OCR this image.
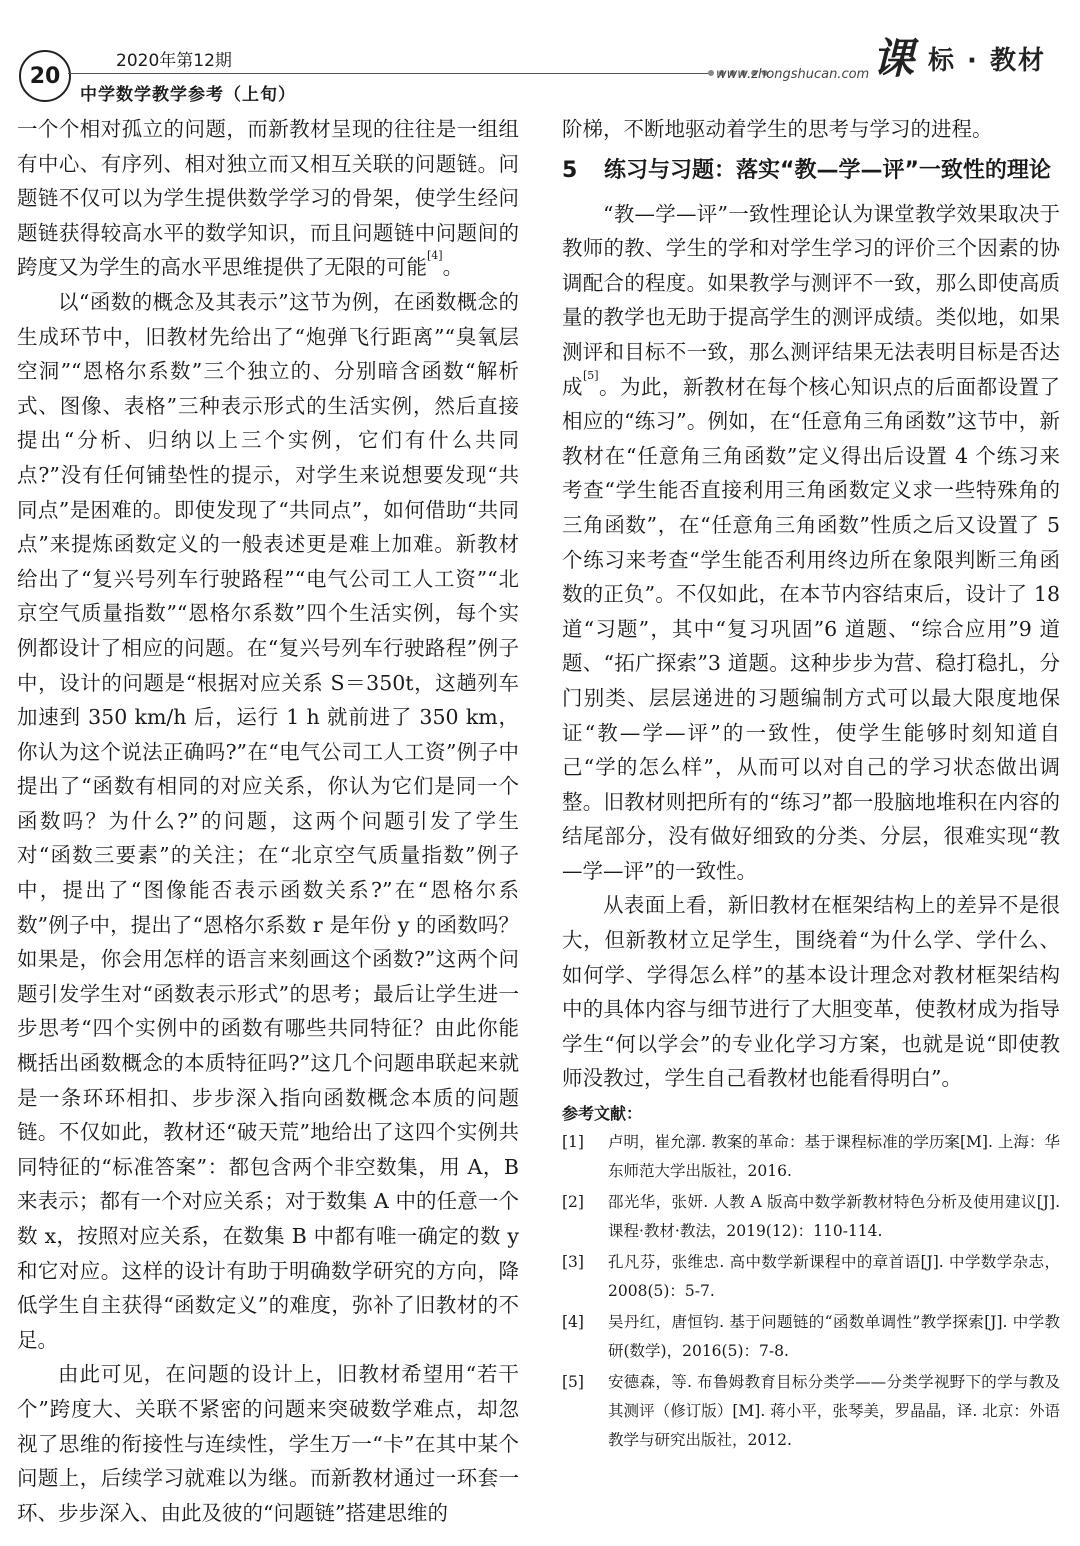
20
2020年第12期
中学数学教学参考（上旬）
www.zhongshucan.com 课 标 · 教材

一个个相对孤立的问题，而新教材呈现的往往是一组组有中心、有序列、相对独立而又相互关联的问题链。问题链不仅可以为学生提供数学学习的骨架，使学生经问题链获得较高水平的数学知识，而且问题链中问题间的跨度又为学生的高水平思维提供了无限的可能[4]。

以“函数的概念及其表示”这节为例，在函数概念的生成环节中，旧教材先给出了“炮弹飞行距离”“臭氧层空洞”“恩格尔系数”三个独立的、分别暗含函数“解析式、图像、表格”三种表示形式的生活实例，然后直接提出“分析、归纳以上三个实例，它们有什么共同点?”没有任何铺垫性的提示，对学生来说想要发现“共同点”是困难的。即使发现了“共同点”，如何借助“共同点”来提炼函数定义的一般表述更是难上加难。新教材给出了“复兴号列车行驶路程”“电气公司工人工资”“北京空气质量指数”“恩格尔系数”四个生活实例，每个实例都设计了相应的问题。在“复兴号列车行驶路程”例子中，设计的问题是“根据对应关系 S＝350t，这趟列车加速到 350 km/h 后，运行 1 h 就前进了 350 km，你认为这个说法正确吗?”在“电气公司工人工资”例子中提出了“函数有相同的对应关系，你认为它们是同一个函数吗？为什么?”的问题，这两个问题引发了学生对“函数三要素”的关注；在“北京空气质量指数”例子中，提出了“图像能否表示函数关系?”在“恩格尔系数”例子中，提出了“恩格尔系数 r 是年份 y 的函数吗？如果是，你会用怎样的语言来刻画这个函数?”这两个问题引发学生对“函数表示形式”的思考；最后让学生进一步思考“四个实例中的函数有哪些共同特征？由此你能概括出函数概念的本质特征吗?”这几个问题串联起来就是一条环环相扣、步步深入指向函数概念本质的问题链。不仅如此，教材还“破天荒”地给出了这四个实例共同特征的“标准答案”：都包含两个非空数集，用 A，B 来表示；都有一个对应关系；对于数集 A 中的任意一个数 x，按照对应关系，在数集 B 中都有唯一确定的数 y 和它对应。这样的设计有助于明确数学研究的方向，降低学生自主获得“函数定义”的难度，弥补了旧教材的不足。

由此可见，在问题的设计上，旧教材希望用“若干个”跨度大、关联不紧密的问题来突破数学难点，却忽视了思维的衔接性与连续性，学生万一“卡”在其中某个问题上，后续学习就难以为继。而新教材通过一环套一环、步步深入、由此及彼的“问题链”搭建思维的

阶梯，不断地驱动着学生的思考与学习的进程。

5	练习与习题：落实“教—学—评”一致性的理论

“教—学—评”一致性理论认为课堂教学效果取决于教师的教、学生的学和对学生学习的评价三个因素的协调配合的程度。如果教学与测评不一致，那么即使高质量的教学也无助于提高学生的测评成绩。类似地，如果测评和目标不一致，那么测评结果无法表明目标是否达成[5]。为此，新教材在每个核心知识点的后面都设置了相应的“练习”。例如，在“任意角三角函数”这节中，新教材在“任意角三角函数”定义得出后设置 4 个练习来考查“学生能否直接利用三角函数定义求一些特殊角的三角函数”，在“任意角三角函数”性质之后又设置了 5 个练习来考查“学生能否利用终边所在象限判断三角函数的正负”。不仅如此，在本节内容结束后，设计了 18 道“习题”，其中“复习巩固”6 道题、“综合应用”9 道题、“拓广探索”3 道题。这种步步为营、稳打稳扎，分门别类、层层递进的习题编制方式可以最大限度地保证“教—学—评”的一致性，使学生能够时刻知道自己“学的怎么样”，从而可以对自己的学习状态做出调整。旧教材则把所有的“练习”都一股脑地堆积在内容的结尾部分，没有做好细致的分类、分层，很难实现“教—学—评”的一致性。

从表面上看，新旧教材在框架结构上的差异不是很大，但新教材立足学生，围绕着“为什么学、学什么、如何学、学得怎么样”的基本设计理念对教材框架结构中的具体内容与细节进行了大胆变革，使教材成为指导学生“何以学会”的专业化学习方案，也就是说“即使教师没教过，学生自己看教材也能看得明白”。

参考文献：
[1]	卢明，崔允漷. 教案的革命：基于课程标准的学历案[M]. 上海：华东师范大学出版社，2016.
[2]	邵光华，张妍. 人教 A 版高中数学新教材特色分析及使用建议[J]. 课程·教材·教法，2019(12)：110-114.
[3]	孔凡芬，张维忠. 高中数学新课程中的章首语[J]. 中学数学杂志，2008(5)：5-7.
[4]	吴丹红，唐恒钧. 基于问题链的“函数单调性”教学探索[J]. 中学教研(数学)，2016(5)：7-8.
[5]	安德森，等. 布鲁姆教育目标分类学——分类学视野下的学与教及其测评（修订版）[M]. 蒋小平，张琴美，罗晶晶，译. 北京：外语教学与研究出版社，2012.
